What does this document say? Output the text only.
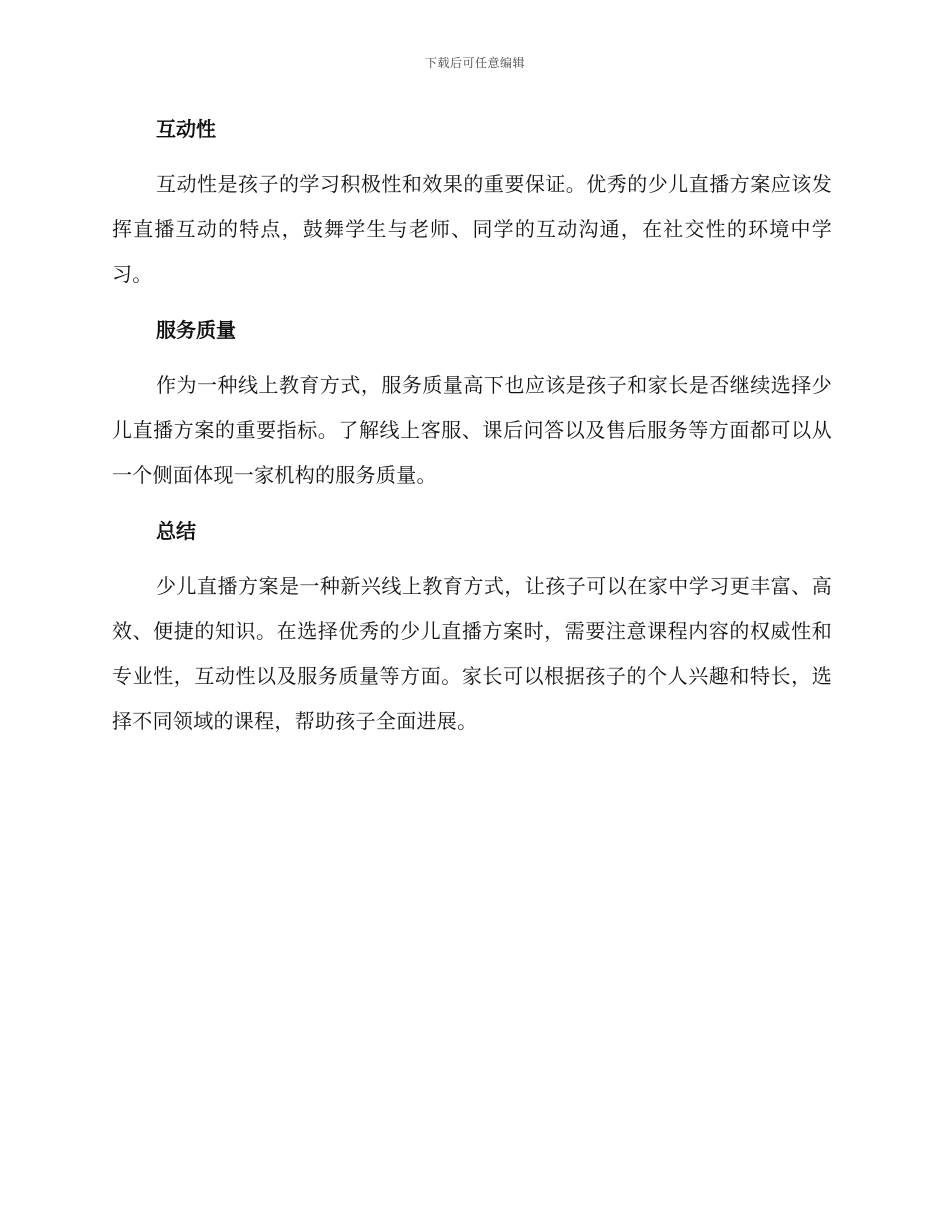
下载后可任意编辑
互动性

互动性是孩子的学习积极性和效果的重要保证。优秀的少儿直播方案应该发挥直播互动的特点，鼓舞学生与老师、同学的互动沟通，在社交性的环境中学习。

服务质量

作为一种线上教育方式，服务质量高下也应该是孩子和家长是否继续选择少儿直播方案的重要指标。了解线上客服、课后问答以及售后服务等方面都可以从一个侧面体现一家机构的服务质量。

总结

少儿直播方案是一种新兴线上教育方式，让孩子可以在家中学习更丰富、高效、便捷的知识。在选择优秀的少儿直播方案时，需要注意课程内容的权威性和专业性，互动性以及服务质量等方面。家长可以根据孩子的个人兴趣和特长，选择不同领域的课程，帮助孩子全面进展。
